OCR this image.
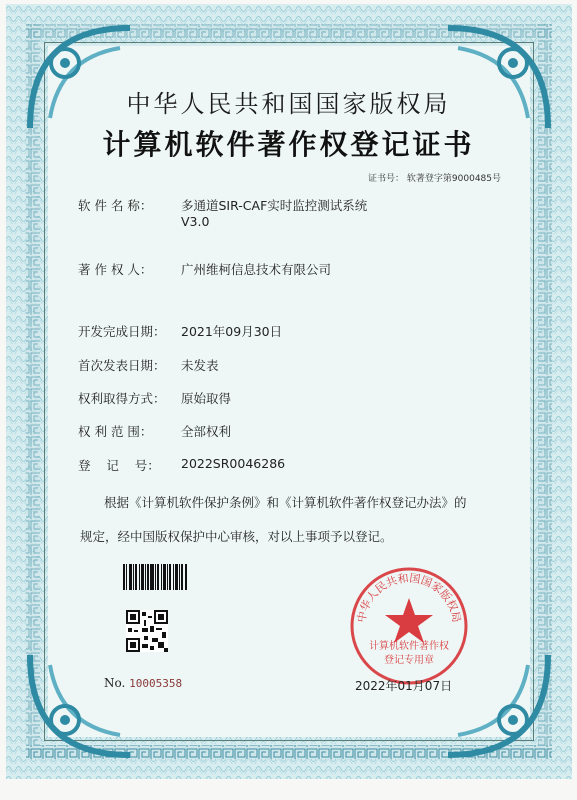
中华人民共和国国家版权局
计算机软件著作权登记证书
证书号： 软著登字第9000485号
软 件 名 称： 多通道SIR-CAF实时监控测试系统
V3.0
著 作 权 人： 广州维柯信息技术有限公司
开发完成日期： 2021年09月30日
首次发表日期： 未发表
权利取得方式： 原始取得
权 利 范 围： 全部权利
登    记    号： 2022SR0046286
根据《计算机软件保护条例》和《计算机软件著作权登记办法》的
规定，经中国版权保护中心审核，对以上事项予以登记。
No. 10005358
中华人民共和国国家版权局
计算机软件著作权
登记专用章
2022年01月07日
